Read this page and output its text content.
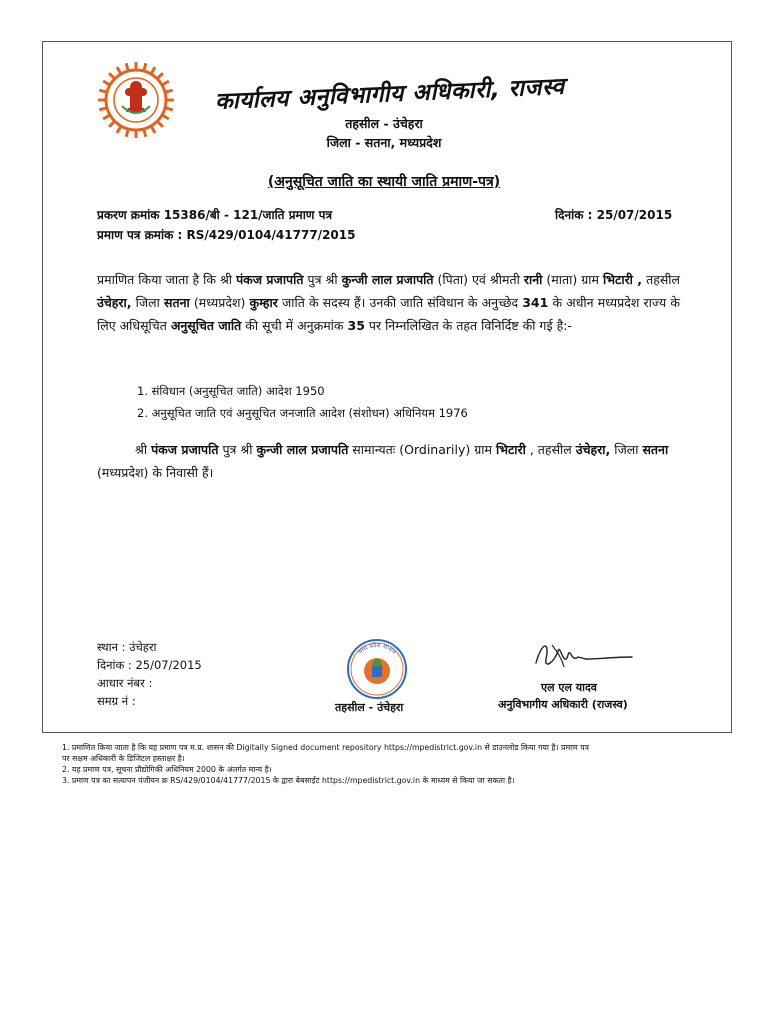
कार्यालय अनुविभागीय अधिकारी, राजस्व
तहसील - उंचेहरा
जिला - सतना, मध्यप्रदेश
(अनुसूचित जाति का स्थायी जाति प्रमाण-पत्र)
प्रकरण क्रमांक 15386/बी - 121/जाति प्रमाण पत्र
प्रमाण पत्र क्रमांक : RS/429/0104/41777/2015
दिनांक : 25/07/2015
प्रमाणित किया जाता है कि श्री पंकज प्रजापति पुत्र श्री कुन्जी लाल प्रजापति (पिता) एवं श्रीमती रानी (माता) ग्राम भिटारी , तहसील उंचेहरा, जिला सतना (मध्यप्रदेश) कुम्हार जाति के सदस्य हैं। उनकी जाति संविधान के अनुच्छेद 341 के अधीन मध्यप्रदेश राज्य के लिए अधिसूचित अनुसूचित जाति की सूची में अनुक्रमांक 35 पर निम्नलिखित के तहत विनिर्दिष्ट की गई है:-
1. संविधान (अनुसूचित जाति) आदेश 1950
2. अनुसूचित जाति एवं अनुसूचित जनजाति आदेश (संशोधन) अधिनियम 1976
श्री पंकज प्रजापति पुत्र श्री कुन्जी लाल प्रजापति सामान्यतः (Ordinarily) ग्राम भिटारी , तहसील उंचेहरा, जिला सतना (मध्यप्रदेश) के निवासी हैं।
स्थान : उंचेहरा
दिनांक : 25/07/2015
आधार नंबर :
समग्र नं :
मध्य प्रदेश शासन
तहसील - उंचेहरा
एल एल यादव
अनुविभागीय अधिकारी (राजस्व)
1. प्रमाणित किया जाता है कि यह प्रमाण पत्र म.प्र. शासन की Digitally Signed document repository https://mpedistrict.gov.in से डाउनलोड किया गया है। प्रमाण पत्र
पर सक्षम अधिकारी के डिजिटल हस्ताक्षर है।
2. यह प्रमाण पत्र, सूचना प्रौद्योगिकी अधिनियम 2000 के अंतर्गत मान्य है।
3. प्रमाण पत्र का सत्यापन पंजीयन क्र RS/429/0104/41777/2015 के द्वारा बेबसाईट https://mpedistrict.gov.in के माध्यम से किया जा सकता है।
